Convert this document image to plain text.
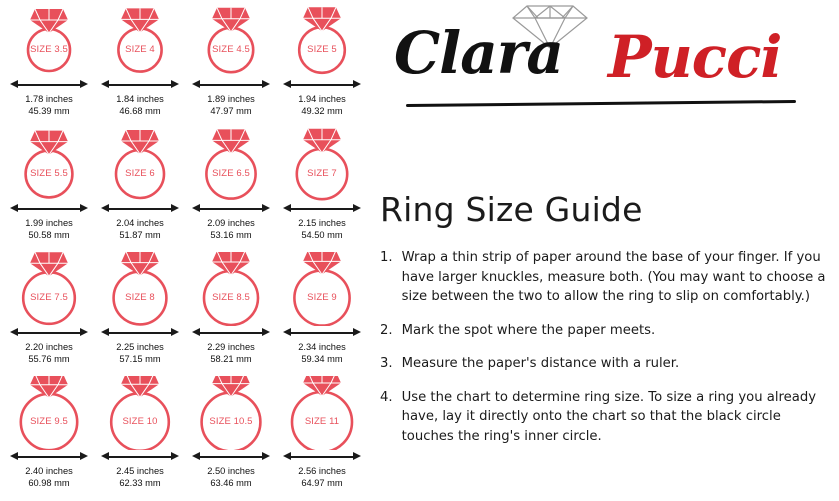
SIZE 3.5
1.78 inches
45.39 mm
SIZE 4
1.84 inches
46.68 mm
SIZE 4.5
1.89 inches
47.97 mm
SIZE 5
1.94 inches
49.32 mm
SIZE 5.5
1.99 inches
50.58 mm
SIZE 6
2.04 inches
51.87 mm
SIZE 6.5
2.09 inches
53.16 mm
SIZE 7
2.15 inches
54.50 mm
SIZE 7.5
2.20 inches
55.76 mm
SIZE 8
2.25 inches
57.15 mm
SIZE 8.5
2.29 inches
58.21 mm
SIZE 9
2.34 inches
59.34 mm
SIZE 9.5
2.40 inches
60.98 mm
SIZE 10
2.45 inches
62.33 mm
SIZE 10.5
2.50 inches
63.46 mm
SIZE 11
2.56 inches
64.97 mm
Clara Pucci
Ring Size Guide
1. Wrap a thin strip of paper around the base of your finger. If you have larger knuckles, measure both. (You may want to choose a size between the two to allow the ring to slip on comfortably.)
2. Mark the spot where the paper meets.
3. Measure the paper's distance with a ruler.
4. Use the chart to determine ring size. To size a ring you already have, lay it directly onto the chart so that the black circle touches the ring's inner circle.
